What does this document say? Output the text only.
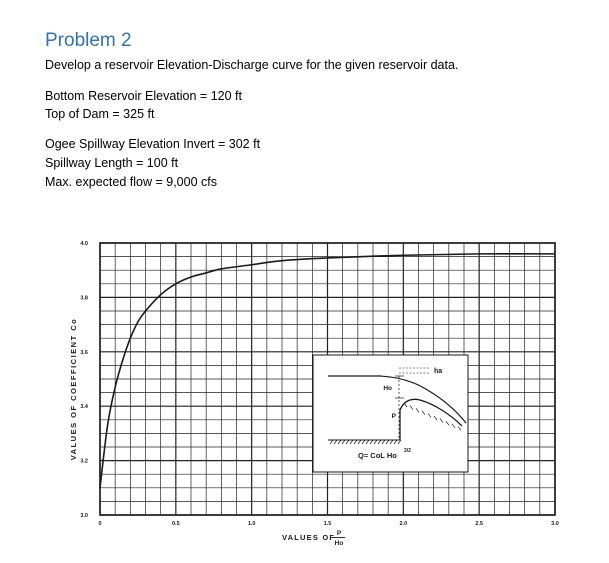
Problem 2
Develop a reservoir Elevation-Discharge curve for the given reservoir data.
Bottom Reservoir Elevation = 120 ft
Top of Dam = 325 ft
Ogee Spillway Elevation Invert = 302 ft
Spillway Length = 100 ft
Max. expected flow = 9,000 cfs
ha
Ho
P
Q= CoL Ho 3/2
0	0.5	1.0	1.5	2.0	2.5	3.0
3.0
3.2
3.4
3.6
3.8
4.0
VALUES OF COEFFICIENT Co
VALUES OF P
Ho
